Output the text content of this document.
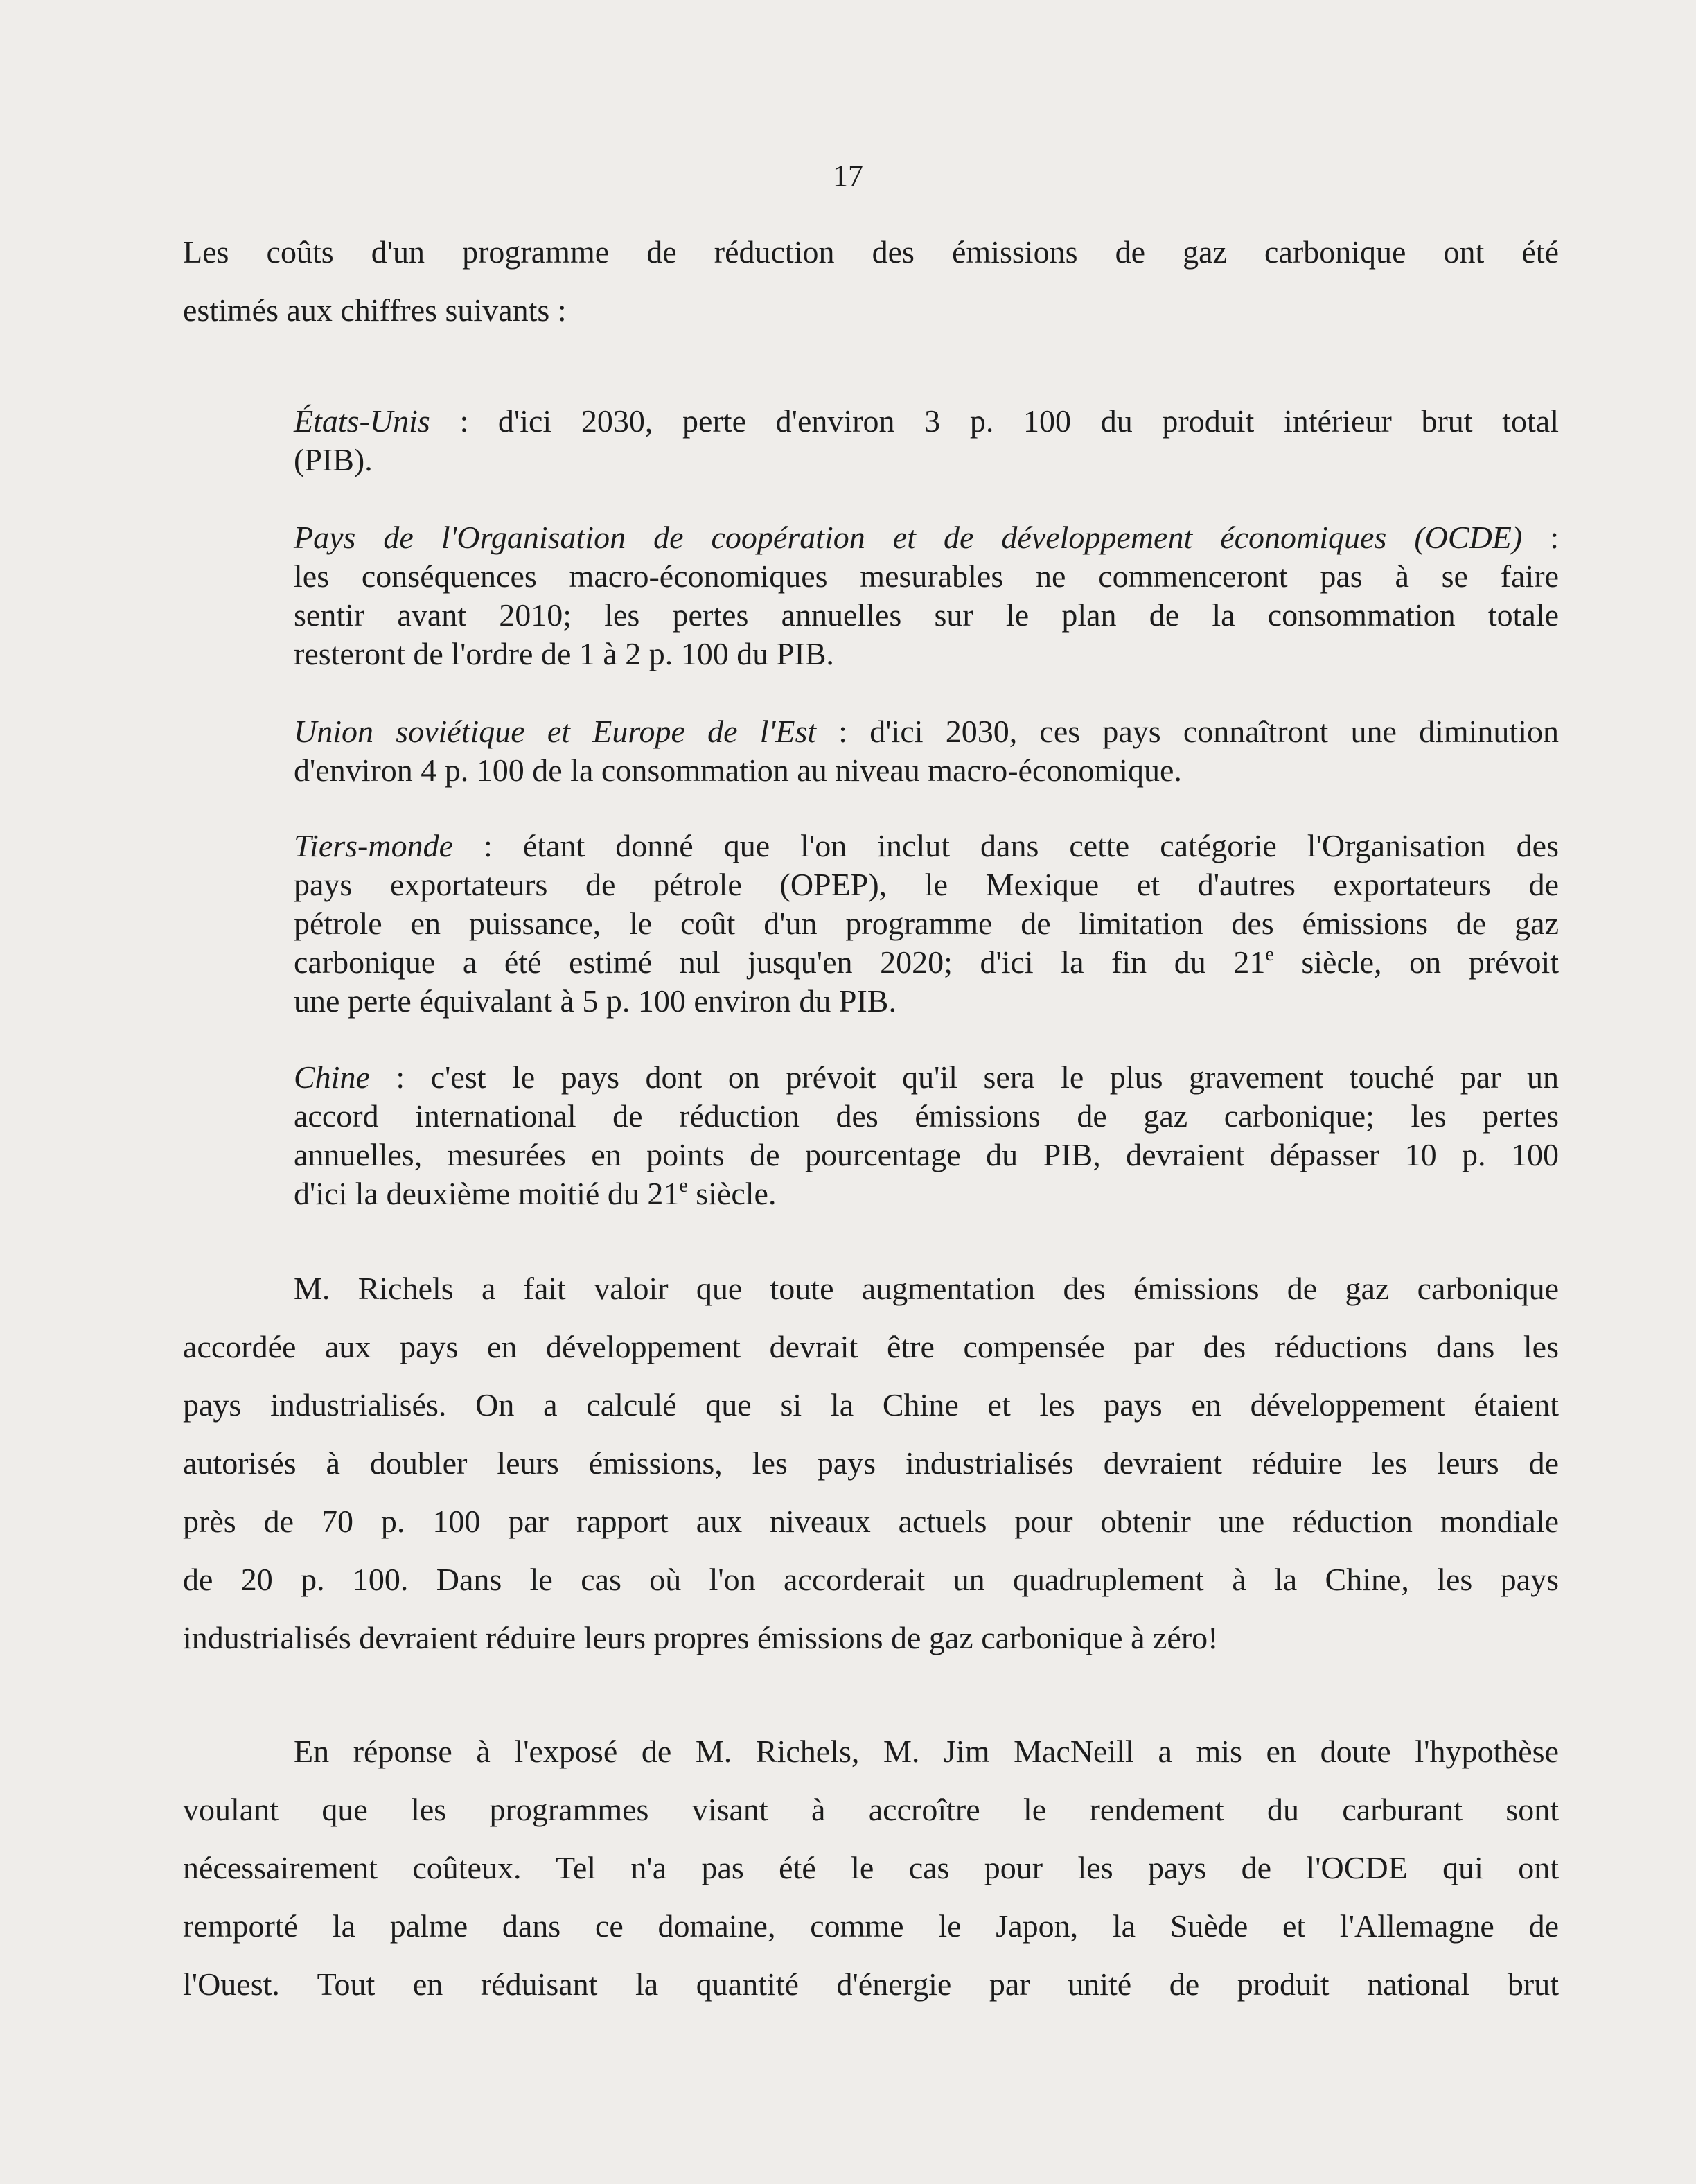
17

Les coûts d'un programme de réduction des émissions de gaz carbonique ont été
estimés aux chiffres suivants :

États-Unis : d'ici 2030, perte d'environ 3 p. 100 du produit intérieur brut total
(PIB).
Pays de l'Organisation de coopération et de développement économiques (OCDE) :
les conséquences macro-économiques mesurables ne commenceront pas à se faire
sentir avant 2010; les pertes annuelles sur le plan de la consommation totale
resteront de l'ordre de 1 à 2 p. 100 du PIB.
Union soviétique et Europe de l'Est : d'ici 2030, ces pays connaîtront une diminution
d'environ 4 p. 100 de la consommation au niveau macro-économique.
Tiers-monde : étant donné que l'on inclut dans cette catégorie l'Organisation des
pays exportateurs de pétrole (OPEP), le Mexique et d'autres exportateurs de
pétrole en puissance, le coût d'un programme de limitation des émissions de gaz
carbonique a été estimé nul jusqu'en 2020; d'ici la fin du 21e siècle, on prévoit
une perte équivalant à 5 p. 100 environ du PIB.
Chine : c'est le pays dont on prévoit qu'il sera le plus gravement touché par un
accord international de réduction des émissions de gaz carbonique; les pertes
annuelles, mesurées en points de pourcentage du PIB, devraient dépasser 10 p. 100
d'ici la deuxième moitié du 21e siècle.

M. Richels a fait valoir que toute augmentation des émissions de gaz carbonique
accordée aux pays en développement devrait être compensée par des réductions dans les
pays industrialisés. On a calculé que si la Chine et les pays en développement étaient
autorisés à doubler leurs émissions, les pays industrialisés devraient réduire les leurs de
près de 70 p. 100 par rapport aux niveaux actuels pour obtenir une réduction mondiale
de 20 p. 100. Dans le cas où l'on accorderait un quadruplement à la Chine, les pays
industrialisés devraient réduire leurs propres émissions de gaz carbonique à zéro!

En réponse à l'exposé de M. Richels, M. Jim MacNeill a mis en doute l'hypothèse
voulant que les programmes visant à accroître le rendement du carburant sont
nécessairement coûteux. Tel n'a pas été le cas pour les pays de l'OCDE qui ont
remporté la palme dans ce domaine, comme le Japon, la Suède et l'Allemagne de
l'Ouest. Tout en réduisant la quantité d'énergie par unité de produit national brut
